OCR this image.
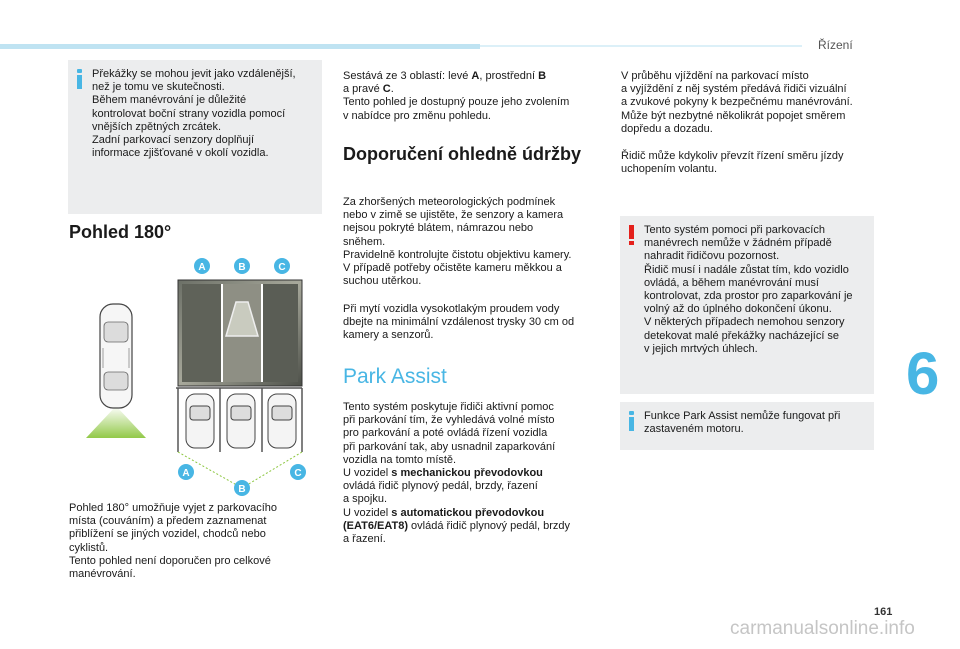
Řízení
6
Překážky se mohou jevit jako vzdálenější,
než je tomu ve skutečnosti.
Během manévrování je důležité
kontrolovat boční strany vozidla pomocí
vnějších zpětných zrcátek.
Zadní parkovací senzory doplňují
informace zjišťované v okolí vozidla.
Pohled 180°
A	B	C
A
B
C
Pohled 180° umožňuje vyjet z parkovacího
místa (couváním) a předem zaznamenat
přiblížení se jiných vozidel, chodců nebo
cyklistů.
Tento pohled není doporučen pro celkové
manévrování.
Sestává ze 3 oblastí: levé A, prostřední B
a pravé C.
Tento pohled je dostupný pouze jeho zvolením
v nabídce pro změnu pohledu.
Doporučení ohledně údržby
Za zhoršených meteorologických podmínek
nebo v zimě se ujistěte, že senzory a kamera
nejsou pokryté blátem, námrazou nebo
sněhem.
Pravidelně kontrolujte čistotu objektivu kamery.
V případě potřeby očistěte kameru měkkou a
suchou utěrkou.
Při mytí vozidla vysokotlakým proudem vody
dbejte na minimální vzdálenost trysky 30 cm od
kamery a senzorů.
Park Assist
Tento systém poskytuje řidiči aktivní pomoc
při parkování tím, že vyhledává volné místo
pro parkování a poté ovládá řízení vozidla
při parkování tak, aby usnadnil zaparkování
vozidla na tomto místě.
U vozidel s mechanickou převodovkou
ovládá řidič plynový pedál, brzdy, řazení
a spojku.
U vozidel s automatickou převodovkou
(EAT6/EAT8) ovládá řidič plynový pedál, brzdy
a řazení.
V průběhu vjíždění na parkovací místo
a vyjíždění z něj systém předává řidiči vizuální
a zvukové pokyny k bezpečnému manévrování.
Může být nezbytné několikrát popojet směrem
dopředu a dozadu.
Řidič může kdykoliv převzít řízení směru jízdy
uchopením volantu.
Tento systém pomoci při parkovacích
manévrech nemůže v žádném případě
nahradit řidičovu pozornost.
Řidič musí i nadále zůstat tím, kdo vozidlo
ovládá, a během manévrování musí
kontrolovat, zda prostor pro zaparkování je
volný až do úplného dokončení úkonu.
V některých případech nemohou senzory
detekovat malé překážky nacházející se
v jejich mrtvých úhlech.
Funkce Park Assist nemůže fungovat při
zastaveném motoru.
161
carmanualsonline.info
